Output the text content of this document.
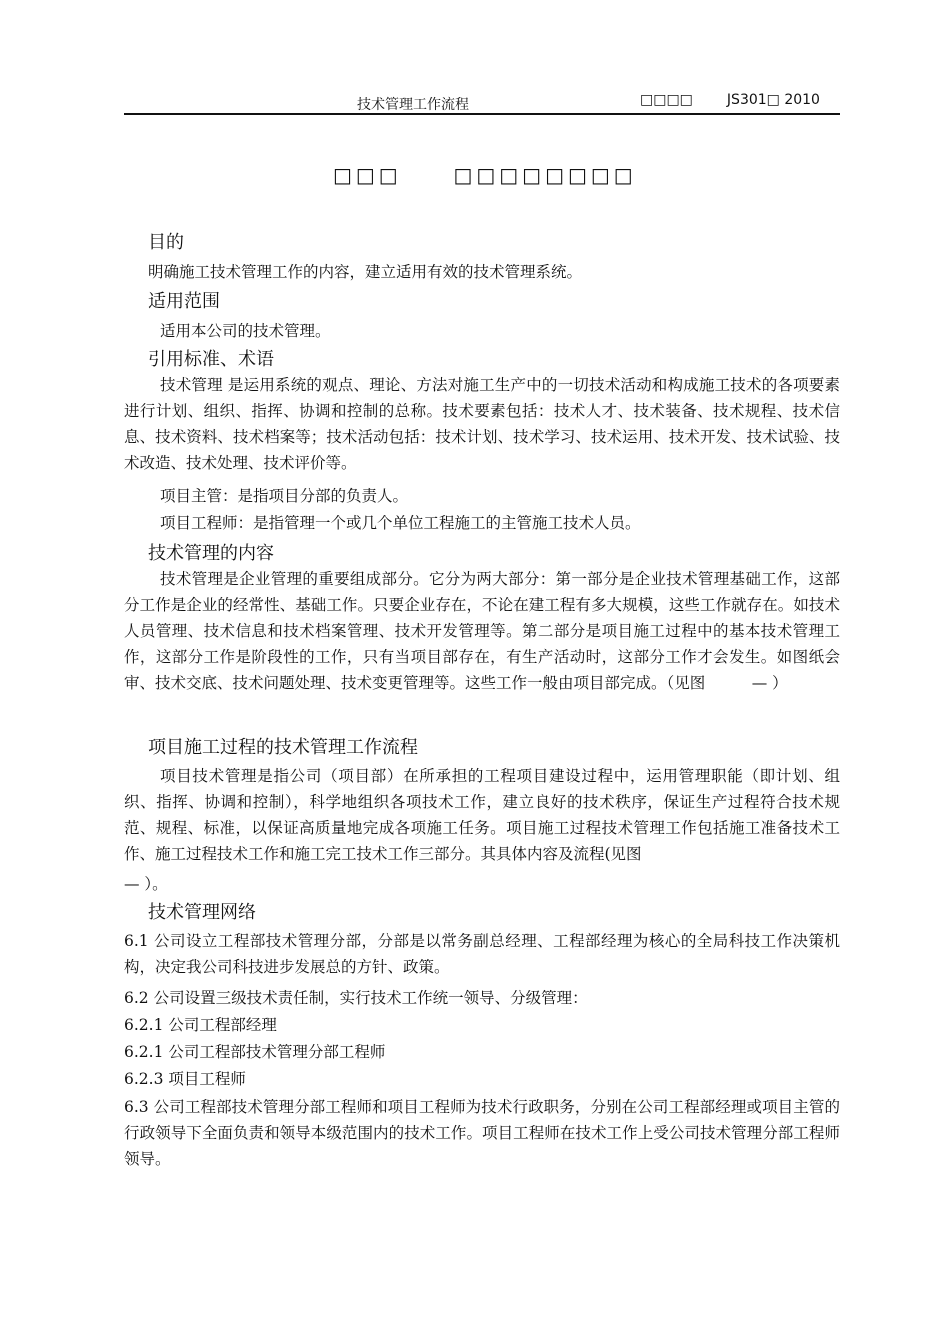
技术管理工作流程	□□□□ JS301□ 2010
□□□     □□□□□□□□
目的
明确施工技术管理工作的内容，建立适用有效的技术管理系统。
适用范围
适用本公司的技术管理。
引用标准、术语
技术管理 是运用系统的观点、理论、方法对施工生产中的一切技术活动和构成施工技术的各项要素进行计划、组织、指挥、协调和控制的总称。技术要素包括：技术人才、技术装备、技术规程、技术信息、技术资料、技术档案等；技术活动包括：技术计划、技术学习、技术运用、技术开发、技术试验、技术改造、技术处理、技术评价等。
项目主管：是指项目分部的负责人。
项目工程师：是指管理一个或几个单位工程施工的主管施工技术人员。
技术管理的内容
技术管理是企业管理的重要组成部分。它分为两大部分：第一部分是企业技术管理基础工作，这部分工作是企业的经常性、基础工作。只要企业存在，不论在建工程有多大规模，这些工作就存在。如技术人员管理、技术信息和技术档案管理、技术开发管理等。第二部分是项目施工过程中的基本技术管理工作，这部分工作是阶段性的工作，只有当项目部存在，有生产活动时，这部分工作才会发生。如图纸会审、技术交底、技术问题处理、技术变更管理等。这些工作一般由项目部完成。（见图　　　— ）
项目施工过程的技术管理工作流程
项目技术管理是指公司（项目部）在所承担的工程项目建设过程中，运用管理职能（即计划、组织、指挥、协调和控制），科学地组织各项技术工作，建立良好的技术秩序，保证生产过程符合技术规范、规程、标准，以保证高质量地完成各项施工任务。项目施工过程技术管理工作包括施工准备技术工作、施工过程技术工作和施工完工技术工作三部分。其具体内容及流程(见图
— ）。
技术管理网络
6.1 公司设立工程部技术管理分部，分部是以常务副总经理、工程部经理为核心的全局科技工作决策机构，决定我公司科技进步发展总的方针、政策。
6.2 公司设置三级技术责任制，实行技术工作统一领导、分级管理：
6.2.1 公司工程部经理
6.2.1 公司工程部技术管理分部工程师
6.2.3 项目工程师
6.3 公司工程部技术管理分部工程师和项目工程师为技术行政职务，分别在公司工程部经理或项目主管的行政领导下全面负责和领导本级范围内的技术工作。项目工程师在技术工作上受公司技术管理分部工程师领导。
